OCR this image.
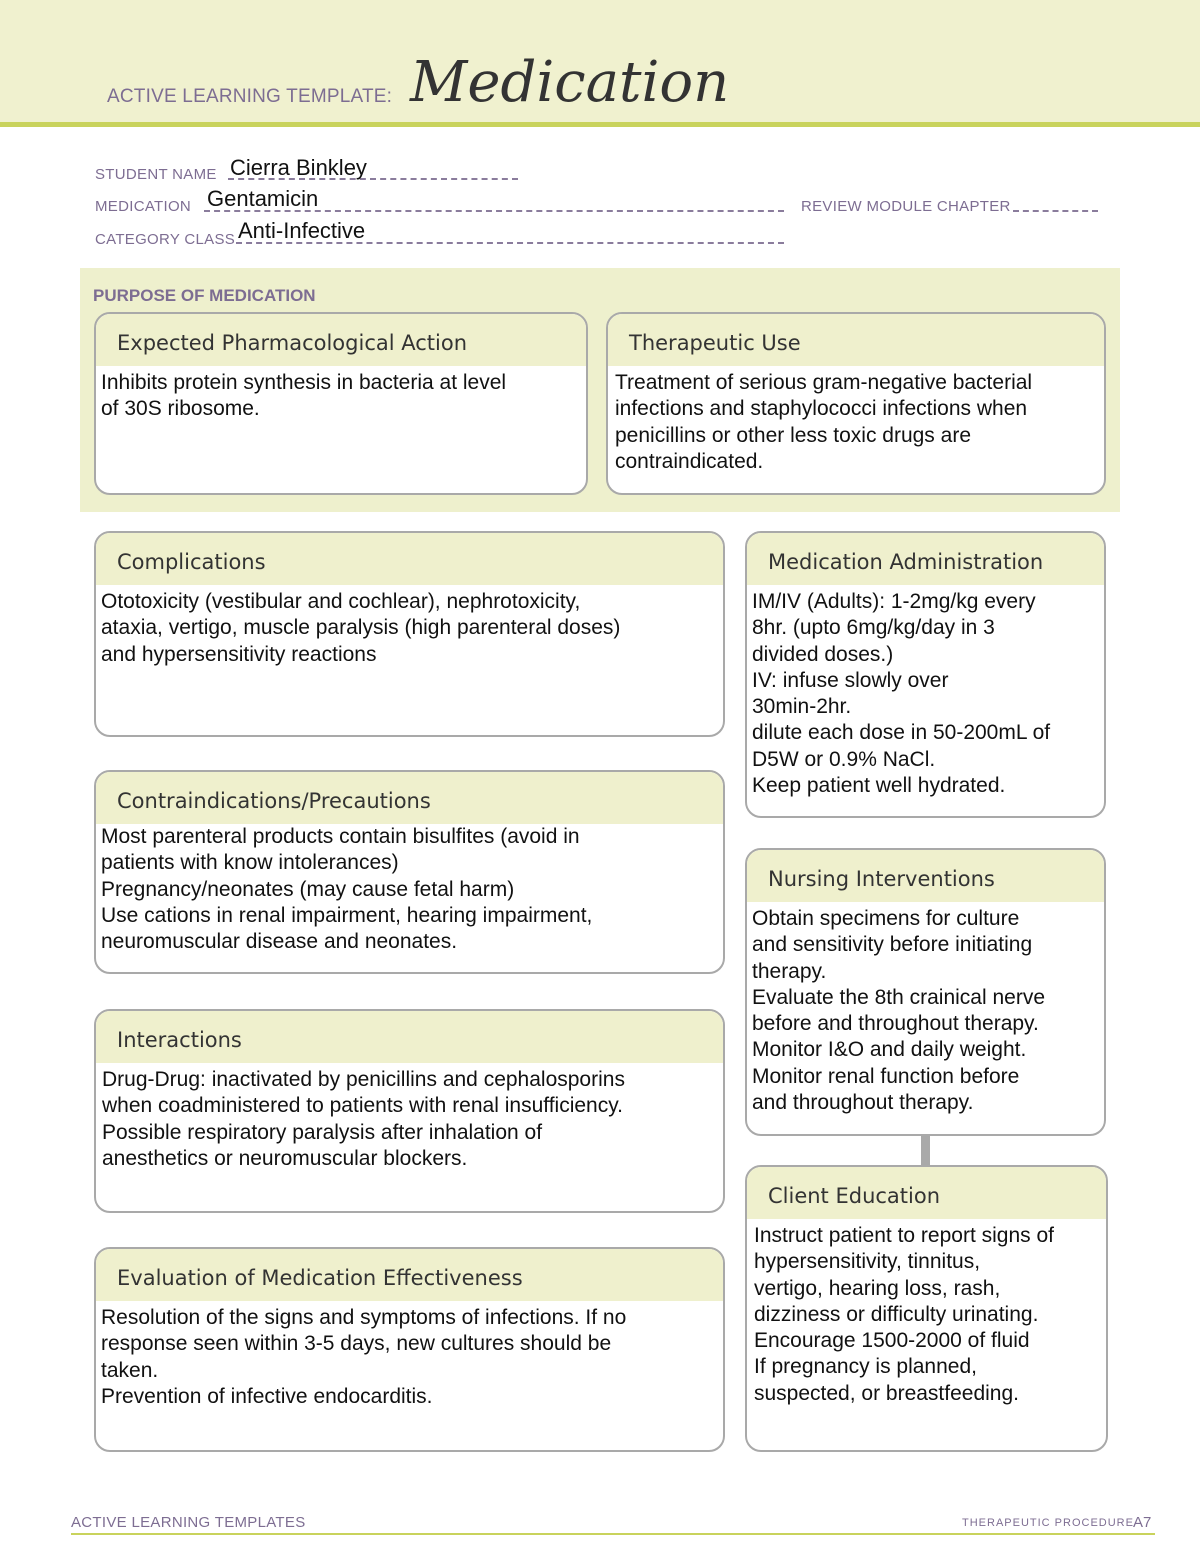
ACTIVE LEARNING TEMPLATE: Medication
STUDENT NAME Cierra Binkley
MEDICATION Gentamicin	REVIEW MODULE CHAPTER
CATEGORY CLASS Anti-Infective
PURPOSE OF MEDICATION
Expected Pharmacological Action
Inhibits protein synthesis in bacteria at level
of 30S ribosome.
Therapeutic Use
Treatment of serious gram-negative bacterial
infections and staphylococci infections when
penicillins or other less toxic drugs are
contraindicated.
Complications
Ototoxicity (vestibular and cochlear), nephrotoxicity,
ataxia, vertigo, muscle paralysis (high parenteral doses)
and hypersensitivity reactions
Contraindications/Precautions
Most parenteral products contain bisulfites (avoid in
patients with know intolerances)
Pregnancy/neonates (may cause fetal harm)
Use cations in renal impairment, hearing impairment,
neuromuscular disease and neonates.
Interactions
Drug-Drug: inactivated by penicillins and cephalosporins
when coadministered to patients with renal insufficiency.
Possible respiratory paralysis after inhalation of
anesthetics or neuromuscular blockers.
Evaluation of Medication Effectiveness
Resolution of the signs and symptoms of infections. If no
response seen within 3-5 days, new cultures should be
taken.
Prevention of infective endocarditis.
Medication Administration
IM/IV (Adults): 1-2mg/kg every
8hr. (upto 6mg/kg/day in 3
divided doses.)
IV: infuse slowly over
30min-2hr.
dilute each dose in 50-200mL of
D5W or 0.9% NaCl.
Keep patient well hydrated.
Nursing Interventions
Obtain specimens for culture
and sensitivity before initiating
therapy.
Evaluate the 8th crainical nerve
before and throughout therapy.
Monitor I&O and daily weight.
Monitor renal function before
and throughout therapy.
Client Education
Instruct patient to report signs of
hypersensitivity, tinnitus,
vertigo, hearing loss, rash,
dizziness or difficulty urinating.
Encourage 1500-2000 of fluid
If pregnancy is planned,
suspected, or breastfeeding.
ACTIVE LEARNING TEMPLATES	THERAPEUTIC PROCEDURE A7
